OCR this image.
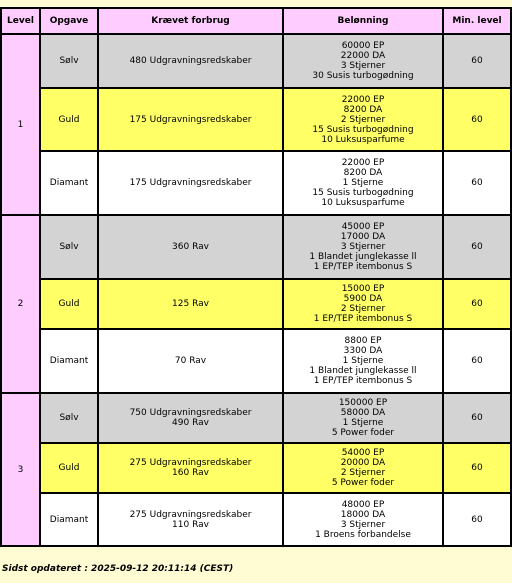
Level	Opgave	Krævet forbrug	Belønning	Min. level
1	Sølv	480 Udgravningsredskaber	60000 EP
22000 DA
3 Stjerner
30 Susis turbogødning	60
	Guld	175 Udgravningsredskaber	22000 EP
8200 DA
2 Stjerner
15 Susis turbogødning
10 Luksusparfume	60
	Diamant	175 Udgravningsredskaber	22000 EP
8200 DA
1 Stjerne
15 Susis turbogødning
10 Luksusparfume	60
2	Sølv	360 Rav	45000 EP
17000 DA
3 Stjerner
1 Blandet junglekasse ll
1 EP/TEP itembonus S	60
	Guld	125 Rav	15000 EP
5900 DA
2 Stjerner
1 EP/TEP itembonus S	60
	Diamant	70 Rav	8800 EP
3300 DA
1 Stjerne
1 Blandet junglekasse ll
1 EP/TEP itembonus S	60
3	Sølv	750 Udgravningsredskaber
490 Rav	150000 EP
58000 DA
1 Stjerne
5 Power foder	60
	Guld	275 Udgravningsredskaber
160 Rav	54000 EP
20000 DA
2 Stjerner
5 Power foder	60
	Diamant	275 Udgravningsredskaber
110 Rav	48000 EP
18000 DA
3 Stjerner
1 Broens forbandelse	60
Sidst opdateret : 2025-09-12 20:11:14 (CEST)
